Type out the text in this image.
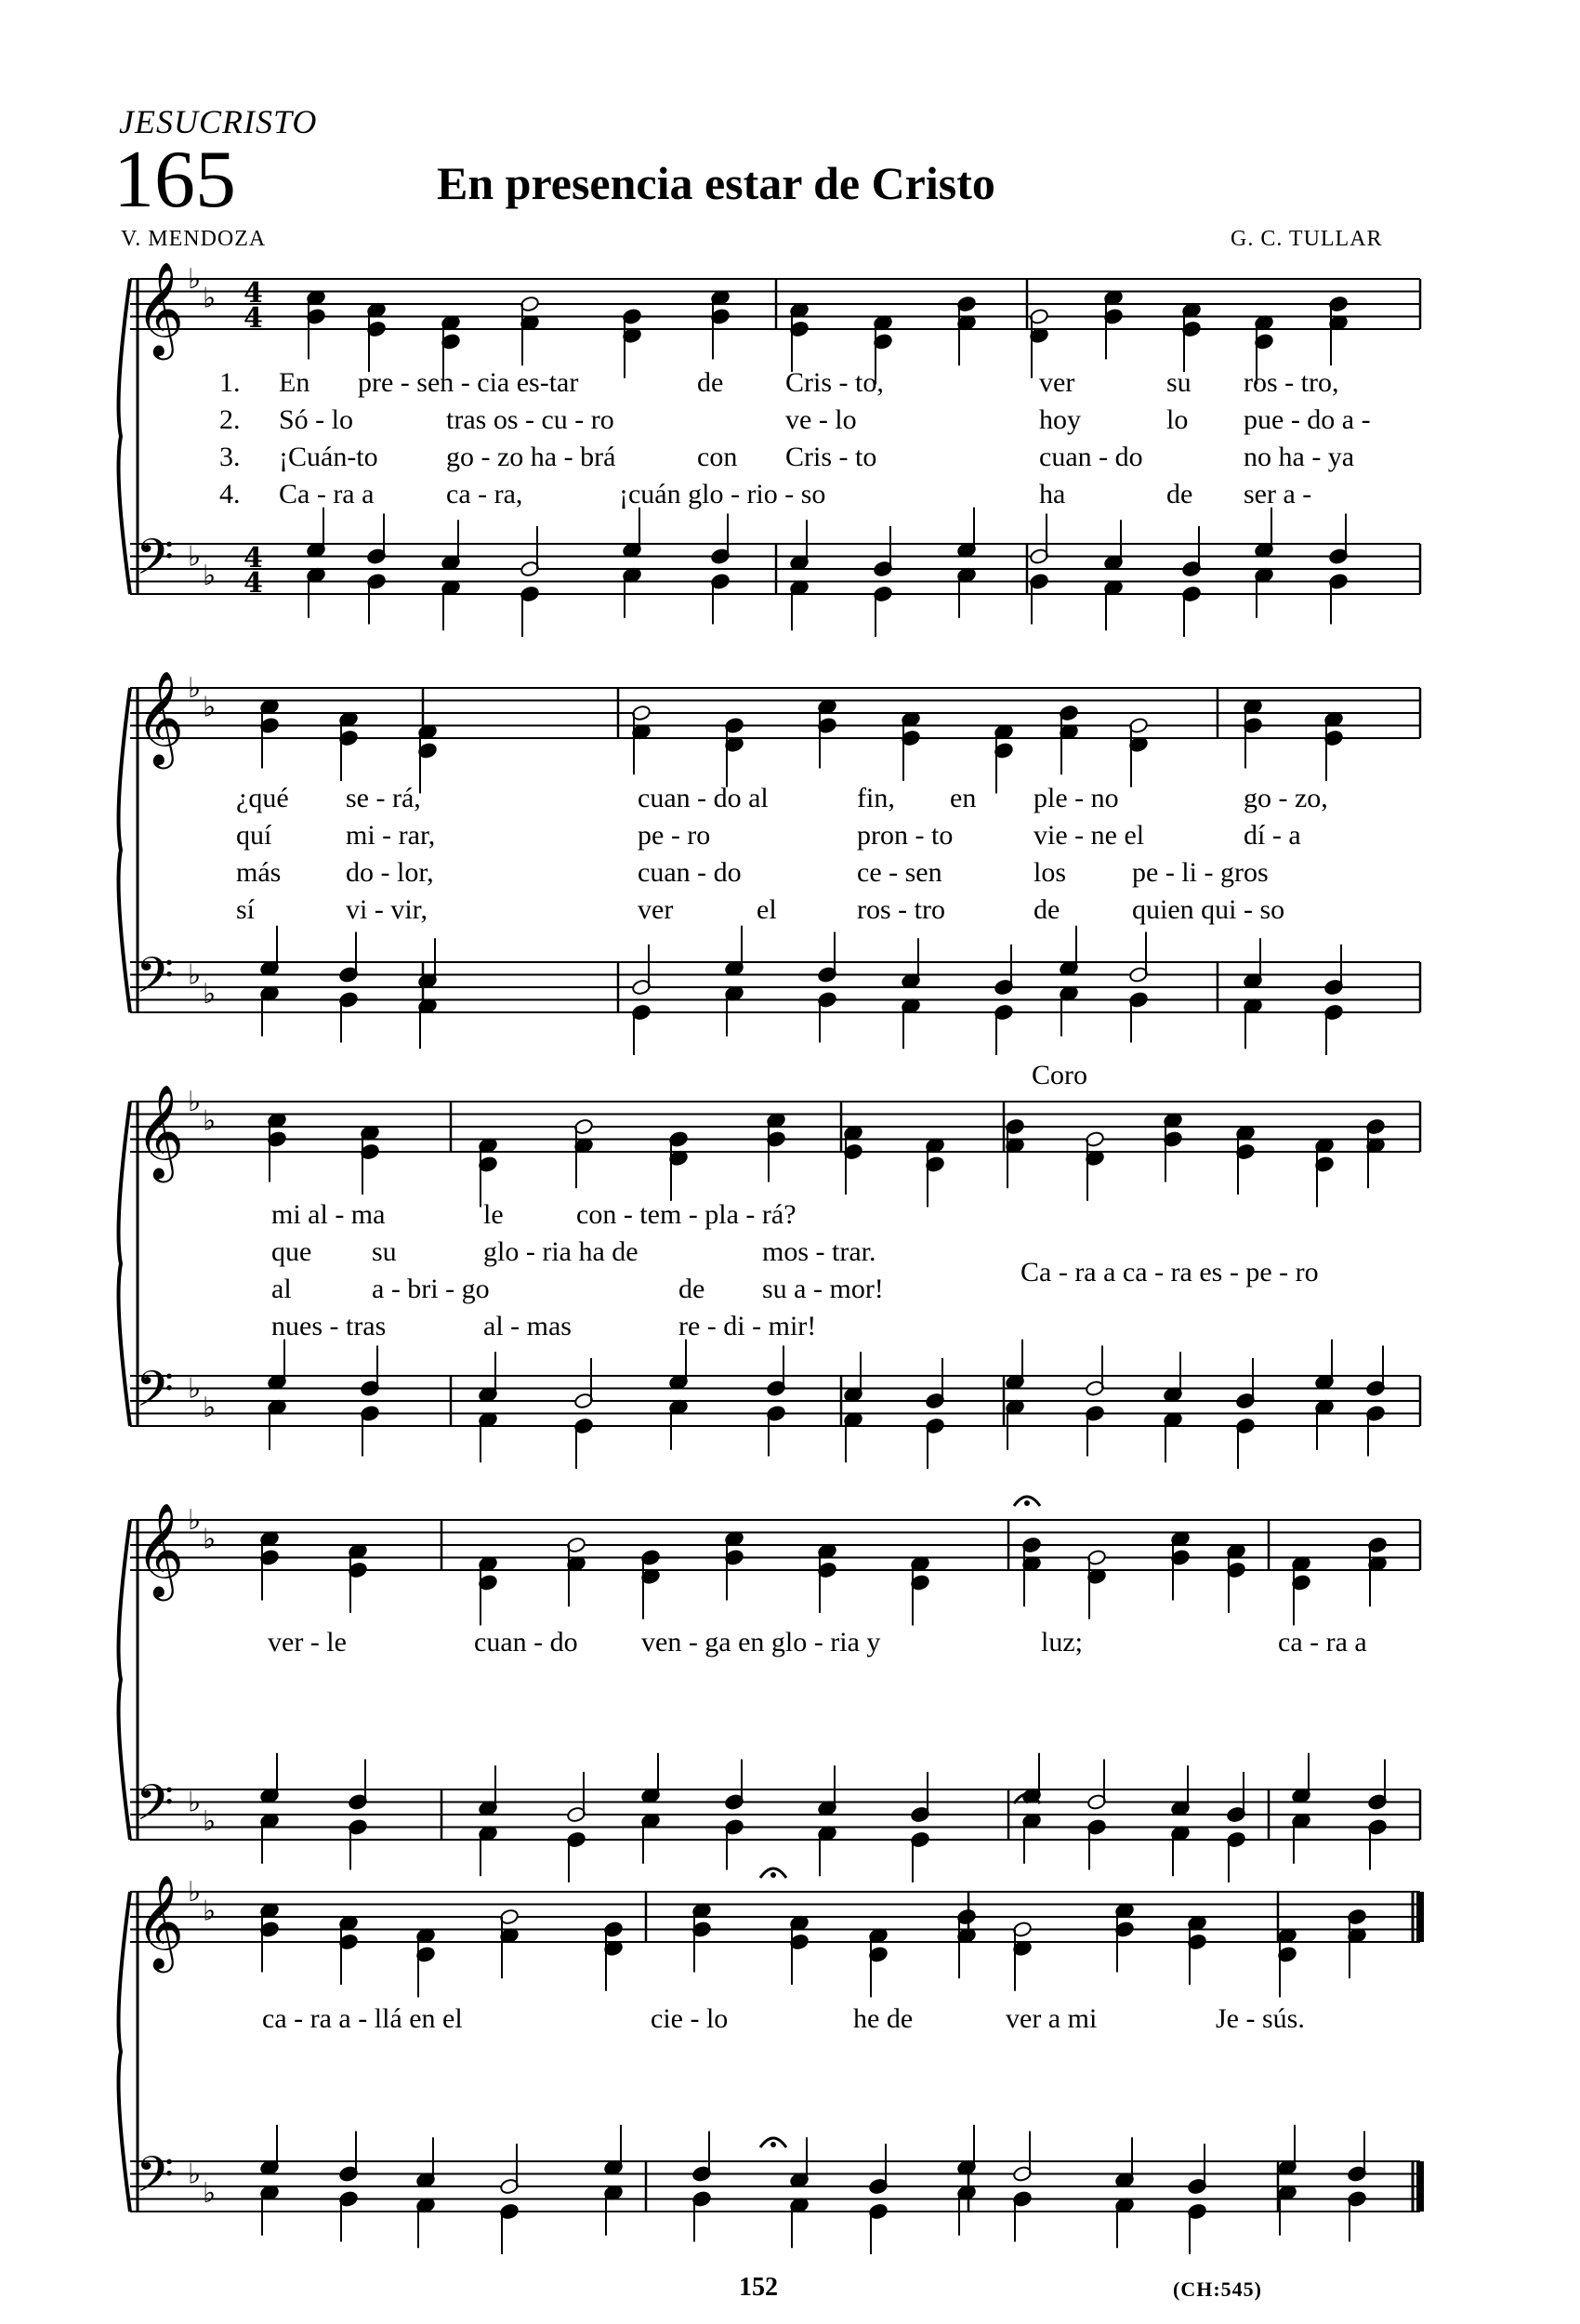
JESUCRISTO
165	En presencia estar de Cristo
V. MENDOZA	G. C. TULLAR
𝄞 ♭
♭
𝄢 ♭
♭
4
4
4
4
𝄞 ♭
♭
𝄢 ♭
♭
𝄞 ♭
♭
𝄢 ♭
♭
𝄞 ♭
♭
𝄢 ♭
♭
𝄞 ♭
♭
𝄢 ♭
♭
1. En pre - sen - cia es-tar	de Cris - to,	ver	su ros - tro,
2. Só - lo	tras os - cu - ro	ve - lo	hoy	lo pue - do a -
3. ¡Cuán-to go - zo ha - brá	con Cris - to	cuan - do	no ha - ya
4. Ca - ra a	ca - ra,	¡cuán glo - rio - so	ha	de ser a -
¿qué se - rá,	cuan - do al	fin, en ple - no	go - zo,
quí	mi - rar,	pe - ro	pron - to	vie - ne el	dí - a
más do - lor,	cuan - do	ce - sen	los pe - li - gros
sí	vi - vir,	ver	el	ros - tro	de	quien qui - so
Coro
mi al - ma	le	con - tem - pla - rá?
que su	glo - ria ha de	mos - trar.
al	a - bri - go	de su a - mor!
nues - tras	al - mas	re - di - mir!
Ca - ra a ca - ra es - pe - ro
ver - le	cuan - do ven - ga en glo - ria y	luz;	ca - ra a
ca - ra a - llá en el	cie - lo	he de	ver a mi	Je - sús.
152	(CH:545)
